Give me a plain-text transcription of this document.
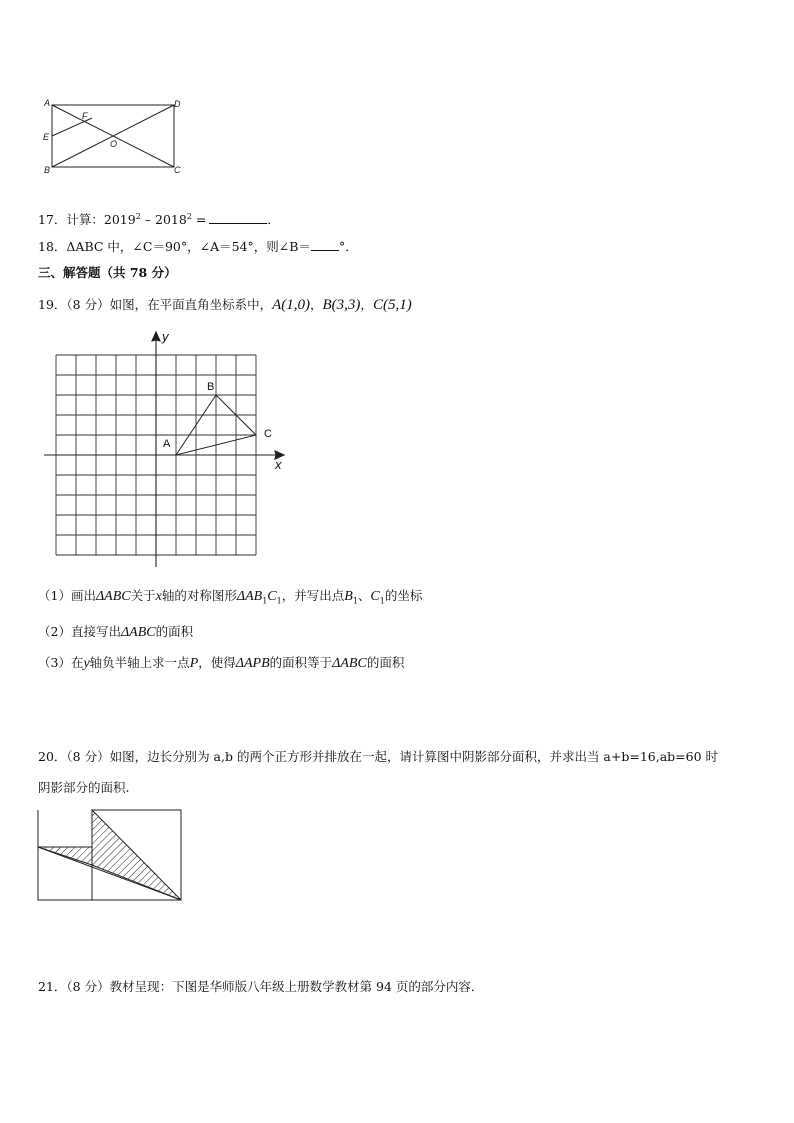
A	D
E
F
O
B	C
17．计算：$2019^2 - 2018^2$ =	．
18．ΔABC 中，∠C＝90°，∠A＝54°，则∠B＝ °．
三、解答题（共 78 分）
19．（8 分）如图，在平面直角坐标系中，A(1,0)，B(3,3)，C(5,1)
y
x
A
B
C
（1）画出ΔABC关于x轴的对称图形$\Delta AB_1C_1$，并写出点$B_1$、$C_1$的坐标
（2）直接写出ΔABC的面积
（3）在y轴负半轴上求一点P，使得ΔAPB的面积等于ΔABC的面积
20．（8 分）如图，边长分别为 a,b 的两个正方形并排放在一起，请计算图中阴影部分面积，并求出当 a+b=16,ab=60 时
阴影部分的面积.
21．（8 分）教材呈现：下图是华师版八年级上册数学教材第 94 页的部分内容．
